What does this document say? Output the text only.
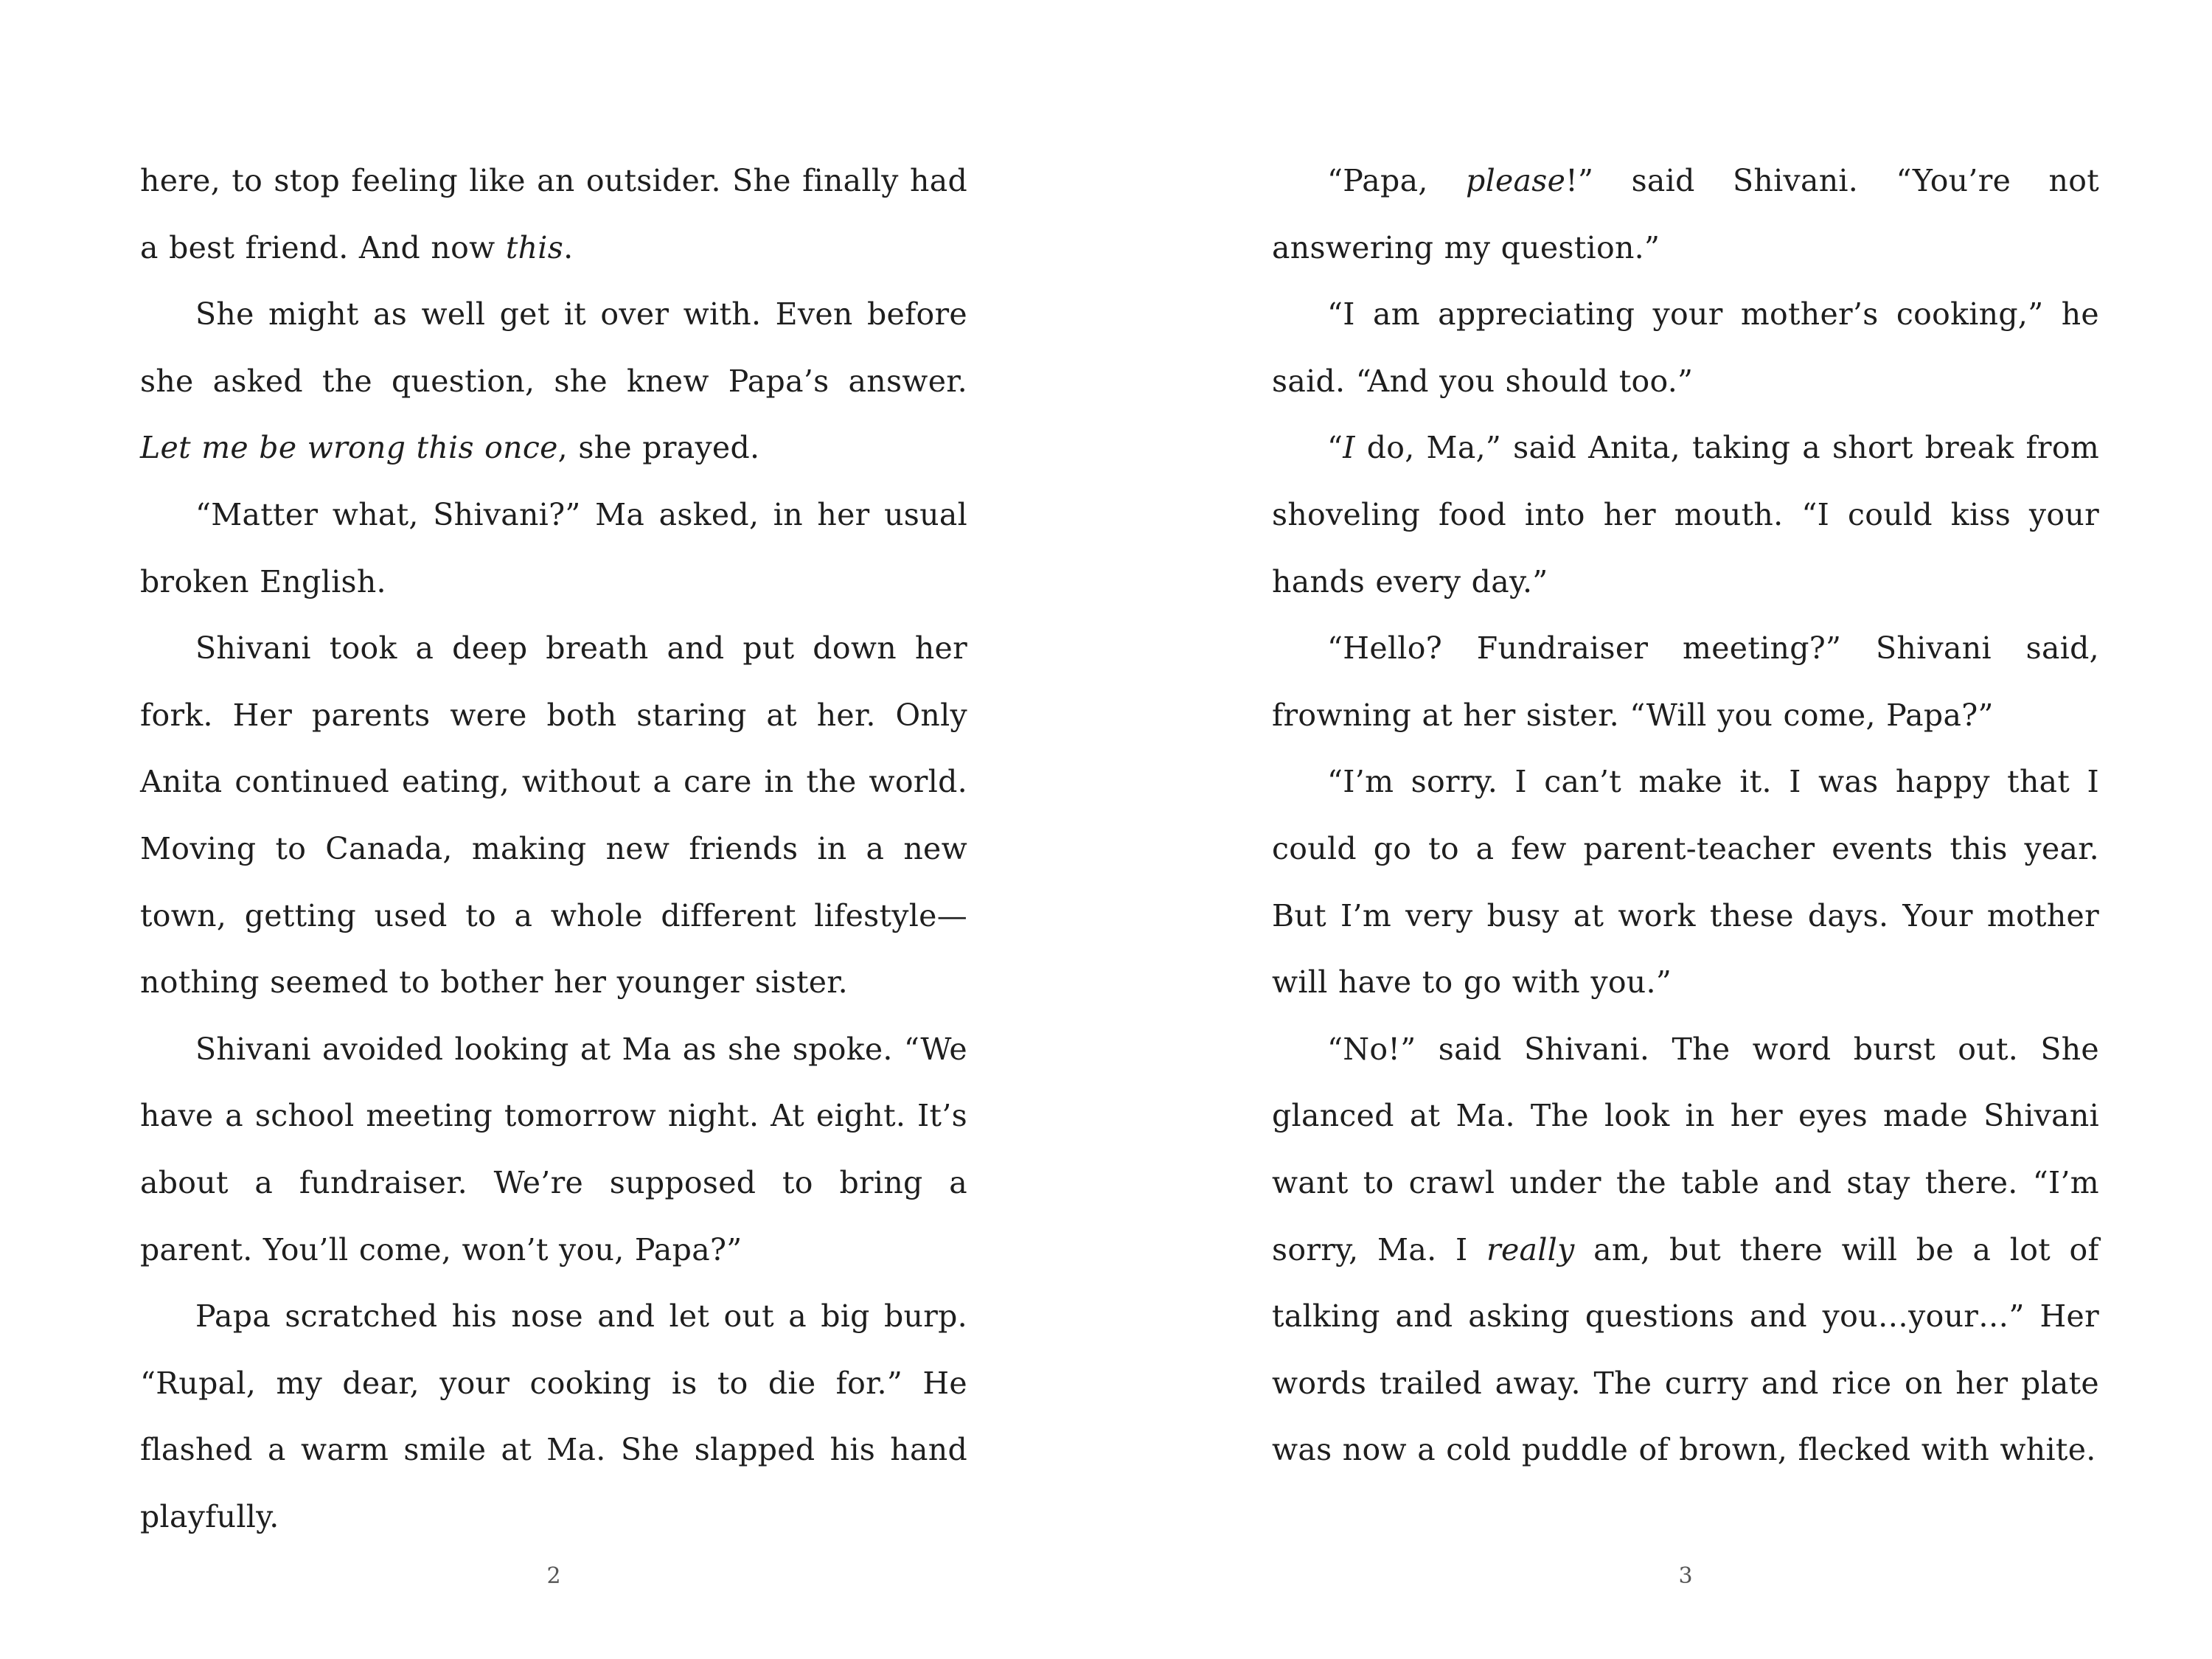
here, to stop feeling like an outsider. She finally had a best friend. And now this.

She might as well get it over with. Even before she asked the question, she knew Papa’s answer. Let me be wrong this once, she prayed.

“Matter what, Shivani?” Ma asked, in her usual broken English.

Shivani took a deep breath and put down her fork. Her parents were both staring at her. Only Anita continued eating, without a care in the world. Moving to Canada, making new friends in a new town, getting used to a whole different lifestyle—nothing seemed to bother her younger sister.

Shivani avoided looking at Ma as she spoke. “We have a school meeting tomorrow night. At eight. It’s about a fundraiser. We’re supposed to bring a parent. You’ll come, won’t you, Papa?”

Papa scratched his nose and let out a big burp. “Rupal, my dear, your cooking is to die for.” He flashed a warm smile at Ma. She slapped his hand playfully.

2

“Papa, please!” said Shivani. “You’re not answering my question.”

“I am appreciating your mother’s cooking,” he said. “And you should too.”

“I do, Ma,” said Anita, taking a short break from shoveling food into her mouth. “I could kiss your hands every day.”

“Hello? Fundraiser meeting?” Shivani said, frowning at her sister. “Will you come, Papa?”

“I’m sorry. I can’t make it. I was happy that I could go to a few parent-teacher events this year. But I’m very busy at work these days. Your mother will have to go with you.”

“No!” said Shivani. The word burst out. She glanced at Ma. The look in her eyes made Shivani want to crawl under the table and stay there. “I’m sorry, Ma. I really am, but there will be a lot of talking and asking questions and you…your…” Her words trailed away. The curry and rice on her plate was now a cold puddle of brown, flecked with white.

3
